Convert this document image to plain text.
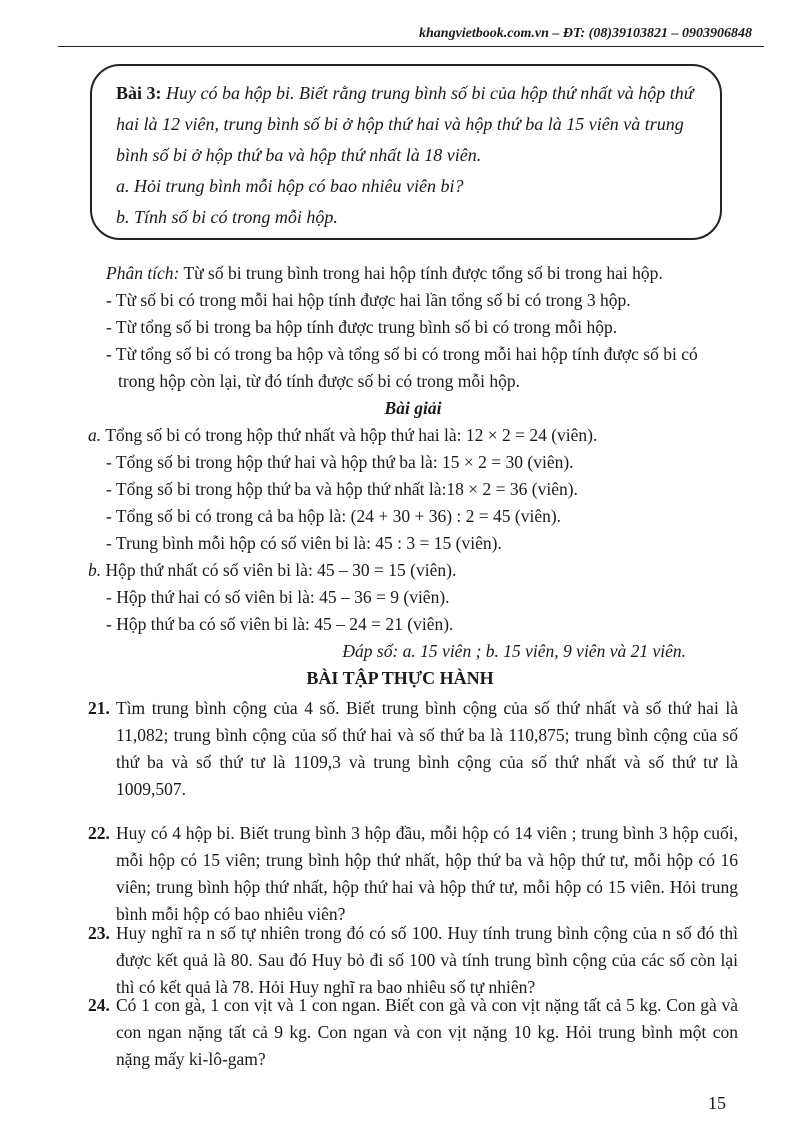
khangvietbook.com.vn – ĐT: (08)39103821 – 0903906848

Bài 3: Huy có ba hộp bi. Biết rằng trung bình số bi của hộp thứ nhất và hộp thứ hai là 12 viên, trung bình số bi ở hộp thứ hai và hộp thứ ba là 15 viên và trung bình số bi ở hộp thứ ba và hộp thứ nhất là 18 viên.

a. Hỏi trung bình mỗi hộp có bao nhiêu viên bi?

b. Tính số bi có trong mỗi hộp.

Phân tích: Từ số bi trung bình trong hai hộp tính được tổng số bi trong hai hộp.

- Từ số bi có trong mỗi hai hộp tính được hai lần tổng số bi có trong 3 hộp.

- Từ tổng số bi trong ba hộp tính được trung bình số bi có trong mỗi hộp.

- Từ tổng số bi có trong ba hộp và tổng số bi có trong mỗi hai hộp tính được số bi có trong hộp còn lại, từ đó tính được số bi có trong mỗi hộp.

Bài giải

a. Tổng số bi có trong hộp thứ nhất và hộp thứ hai là: 12 × 2 = 24 (viên).

- Tổng số bi trong hộp thứ hai và hộp thứ ba là: 15 × 2 = 30 (viên).

- Tổng số bi trong hộp thứ ba và hộp thứ nhất là:18 × 2 = 36 (viên).

- Tổng số bi có trong cả ba hộp là: (24 + 30 + 36) : 2 = 45 (viên).

- Trung bình mỗi hộp có số viên bi là: 45 : 3 = 15 (viên).

b. Hộp thứ nhất có số viên bi là: 45 – 30 = 15 (viên).

- Hộp thứ hai có số viên bi là: 45 – 36 = 9 (viên).

- Hộp thứ ba có số viên bi là: 45 – 24 = 21 (viên).

Đáp số: a. 15 viên ; b. 15 viên, 9 viên và 21 viên.

BÀI TẬP THỰC HÀNH
21. Tìm trung bình cộng của 4 số. Biết trung bình cộng của số thứ nhất và số thứ hai là 11,082; trung bình cộng của số thứ hai và số thứ ba là 110,875; trung bình cộng của số thứ ba và số thứ tư là 1109,3 và trung bình cộng của số thứ nhất và số thứ tư là 1009,507.

22. Huy có 4 hộp bi. Biết trung bình 3 hộp đầu, mỗi hộp có 14 viên ; trung bình 3 hộp cuối, mỗi hộp có 15 viên; trung bình hộp thứ nhất, hộp thứ ba và hộp thứ tư, mỗi hộp có 16 viên; trung bình hộp thứ nhất, hộp thứ hai và hộp thứ tư, mỗi hộp có 15 viên. Hỏi trung bình mỗi hộp có bao nhiêu viên?

23. Huy nghĩ ra n số tự nhiên trong đó có số 100. Huy tính trung bình cộng của n số đó thì được kết quả là 80. Sau đó Huy bỏ đi số 100 và tính trung bình cộng của các số còn lại thì có kết quả là 78. Hỏi Huy nghĩ ra bao nhiêu số tự nhiên?

24. Có 1 con gà, 1 con vịt và 1 con ngan. Biết con gà và con vịt nặng tất cả 5 kg. Con gà và con ngan nặng tất cả 9 kg. Con ngan và con vịt nặng 10 kg. Hỏi trung bình một con nặng mấy ki-lô-gam?

15
